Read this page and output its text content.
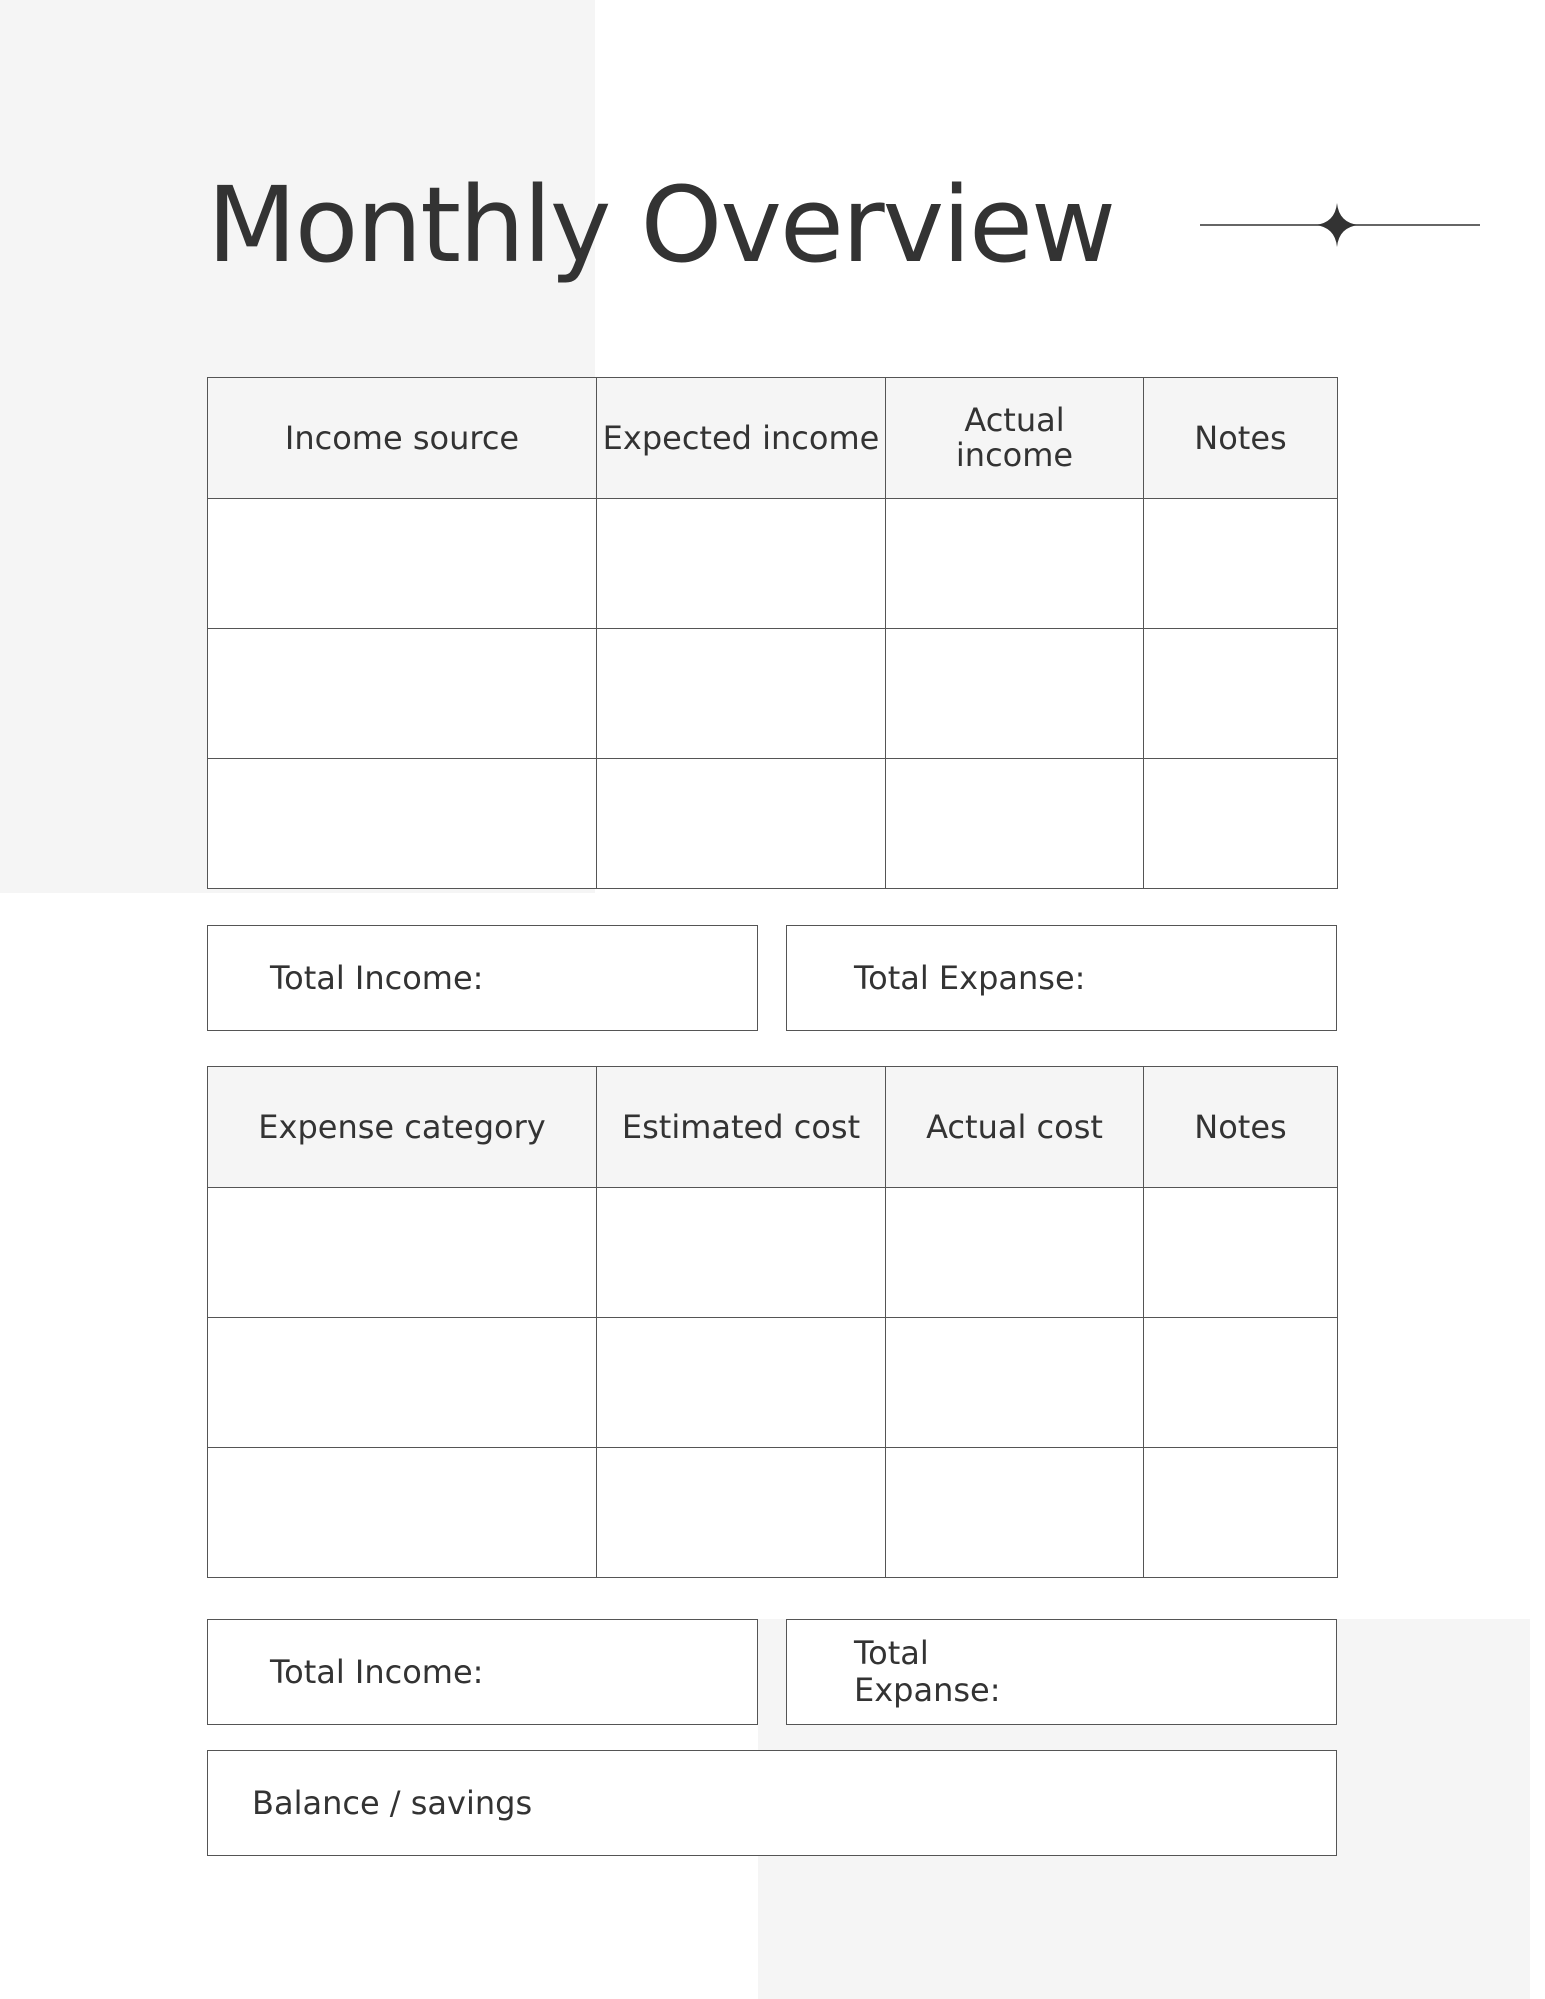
Monthly Overview
Income source	Expected income	Actual income	Notes

Total Income:	Total Expanse:
Expense category	Estimated cost	Actual cost	Notes

Total Income:	Total Expanse:
Balance / savings
